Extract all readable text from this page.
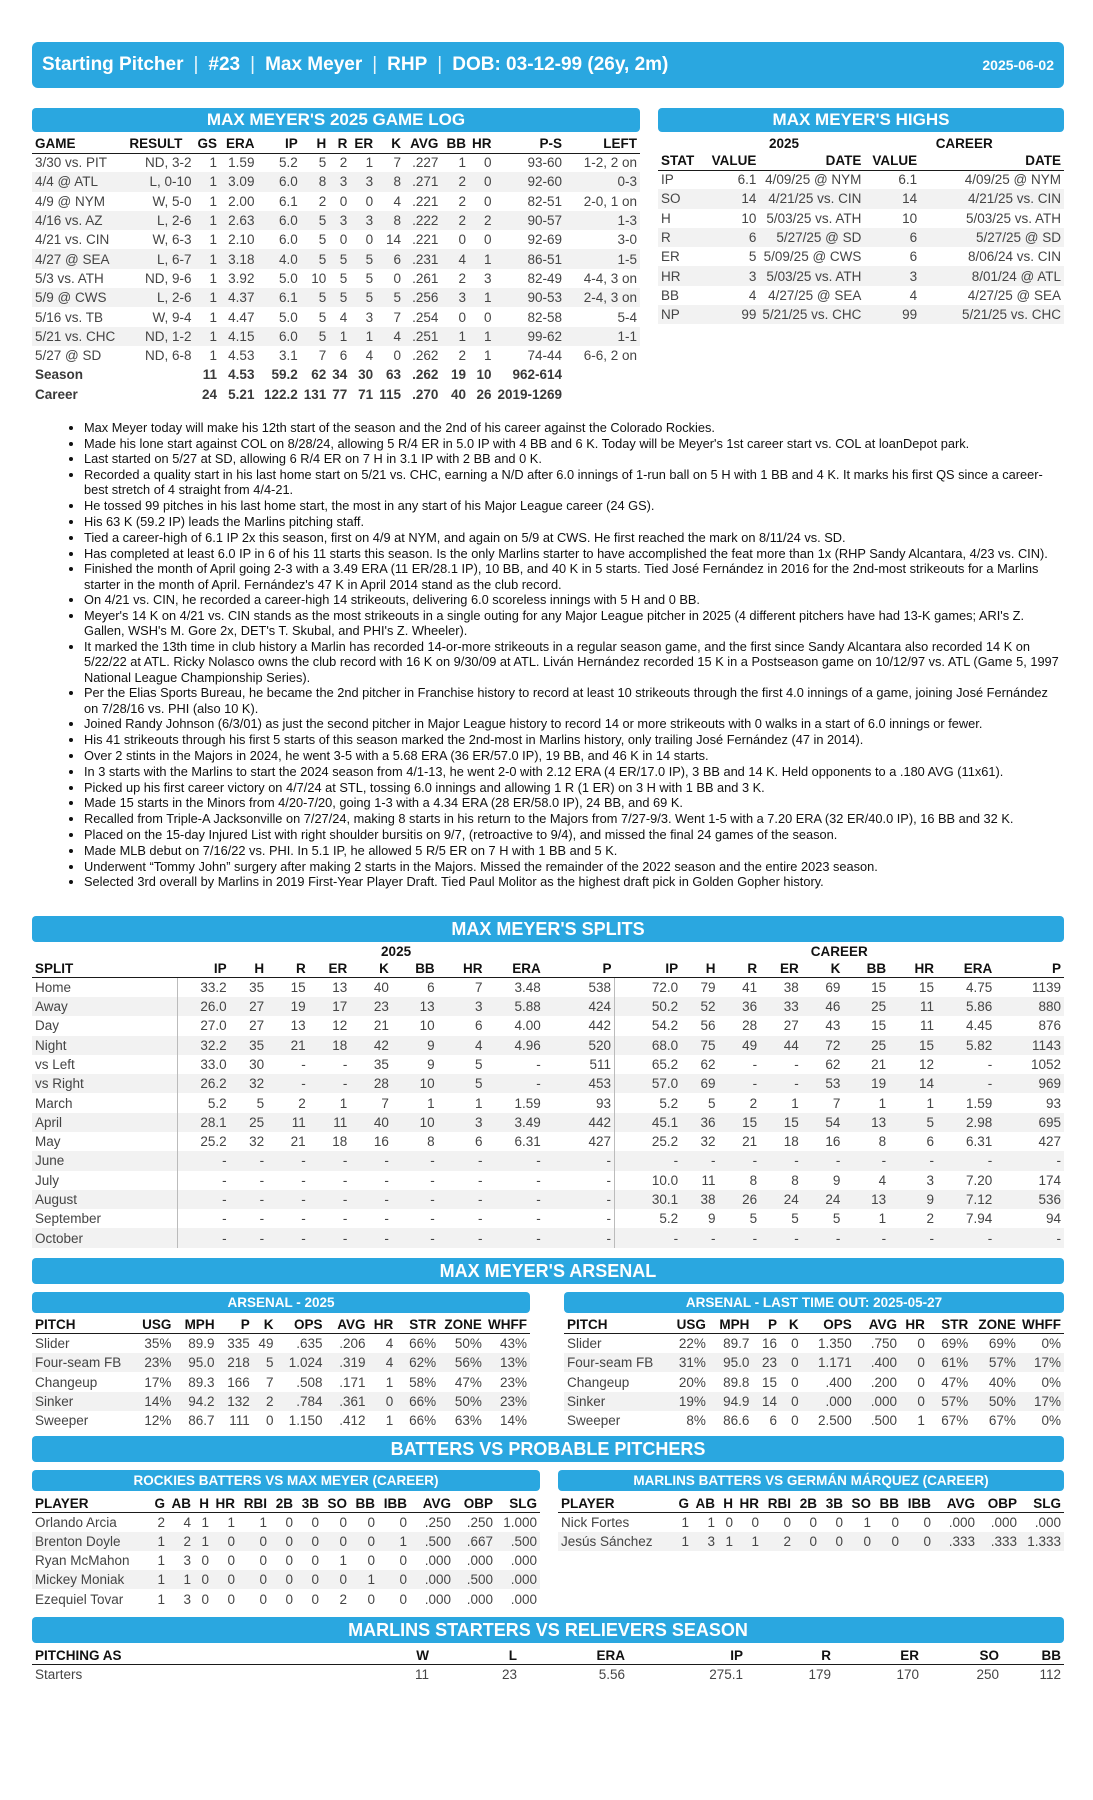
Starting Pitcher | #23 | Max Meyer | RHP | DOB: 03-12-99 (26y, 2m)	2025-06-02
MAX MEYER'S 2025 GAME LOG
GAME	RESULT	GS	ERA	IP	H	R	ER	K	AVG	BB	HR	P-S	LEFT
3/30 vs. PIT	ND, 3-2	1	1.59	5.2	5	2	1	7	.227	1	0	93-60	1-2, 2 on
4/4 @ ATL	L, 0-10	1	3.09	6.0	8	3	3	8	.271	2	0	92-60	0-3
4/9 @ NYM	W, 5-0	1	2.00	6.1	2	0	0	4	.221	2	0	82-51	2-0, 1 on
4/16 vs. AZ	L, 2-6	1	2.63	6.0	5	3	3	8	.222	2	2	90-57	1-3
4/21 vs. CIN	W, 6-3	1	2.10	6.0	5	0	0	14	.221	0	0	92-69	3-0
4/27 @ SEA	L, 6-7	1	3.18	4.0	5	5	5	6	.231	4	1	86-51	1-5
5/3 vs. ATH	ND, 9-6	1	3.92	5.0	10	5	5	0	.261	2	3	82-49	4-4, 3 on
5/9 @ CWS	L, 2-6	1	4.37	6.1	5	5	5	5	.256	3	1	90-53	2-4, 3 on
5/16 vs. TB	W, 9-4	1	4.47	5.0	5	4	3	7	.254	0	0	82-58	5-4
5/21 vs. CHC	ND, 1-2	1	4.15	6.0	5	1	1	4	.251	1	1	99-62	1-1
5/27 @ SD	ND, 6-8	1	4.53	3.1	7	6	4	0	.262	2	1	74-44	6-6, 2 on
Season		11	4.53	59.2	62	34	30	63	.262	19	10	962-614	
Career		24	5.21	122.2	131	77	71	115	.270	40	26	2019-1269	
MAX MEYER'S HIGHS
	2025		CAREER	
STAT	VALUE	DATE	VALUE	DATE
IP	6.1	4/09/25 @ NYM	6.1	4/09/25 @ NYM
SO	14	4/21/25 vs. CIN	14	4/21/25 vs. CIN
H	10	5/03/25 vs. ATH	10	5/03/25 vs. ATH
R	6	5/27/25 @ SD	6	5/27/25 @ SD
ER	5	5/09/25 @ CWS	6	8/06/24 vs. CIN
HR	3	5/03/25 vs. ATH	3	8/01/24 @ ATL
BB	4	4/27/25 @ SEA	4	4/27/25 @ SEA
NP	99	5/21/25 vs. CHC	99	5/21/25 vs. CHC
• Max Meyer today will make his 12th start of the season and the 2nd of his career against the Colorado Rockies.
• Made his lone start against COL on 8/28/24, allowing 5 R/4 ER in 5.0 IP with 4 BB and 6 K. Today will be Meyer's 1st career start vs. COL at loanDepot park.
• Last started on 5/27 at SD, allowing 6 R/4 ER on 7 H in 3.1 IP with 2 BB and 0 K.
• Recorded a quality start in his last home start on 5/21 vs. CHC, earning a N/D after 6.0 innings of 1-run ball on 5 H with 1 BB and 4 K. It marks his first QS since a career-best stretch of 4 straight from 4/4-21.
• He tossed 99 pitches in his last home start, the most in any start of his Major League career (24 GS).
• His 63 K (59.2 IP) leads the Marlins pitching staff.
• Tied a career-high of 6.1 IP 2x this season, first on 4/9 at NYM, and again on 5/9 at CWS. He first reached the mark on 8/11/24 vs. SD.
• Has completed at least 6.0 IP in 6 of his 11 starts this season. Is the only Marlins starter to have accomplished the feat more than 1x (RHP Sandy Alcantara, 4/23 vs. CIN).
• Finished the month of April going 2-3 with a 3.49 ERA (11 ER/28.1 IP), 10 BB, and 40 K in 5 starts. Tied José Fernández in 2016 for the 2nd-most strikeouts for a Marlins starter in the month of April. Fernández's 47 K in April 2014 stand as the club record.
• On 4/21 vs. CIN, he recorded a career-high 14 strikeouts, delivering 6.0 scoreless innings with 5 H and 0 BB.
• Meyer's 14 K on 4/21 vs. CIN stands as the most strikeouts in a single outing for any Major League pitcher in 2025 (4 different pitchers have had 13-K games; ARI's Z. Gallen, WSH's M. Gore 2x, DET's T. Skubal, and PHI's Z. Wheeler).
• It marked the 13th time in club history a Marlin has recorded 14-or-more strikeouts in a regular season game, and the first since Sandy Alcantara also recorded 14 K on 5/22/22 at ATL. Ricky Nolasco owns the club record with 16 K on 9/30/09 at ATL. Liván Hernández recorded 15 K in a Postseason game on 10/12/97 vs. ATL (Game 5, 1997 National League Championship Series).
• Per the Elias Sports Bureau, he became the 2nd pitcher in Franchise history to record at least 10 strikeouts through the first 4.0 innings of a game, joining José Fernández on 7/28/16 vs. PHI (also 10 K).
• Joined Randy Johnson (6/3/01) as just the second pitcher in Major League history to record 14 or more strikeouts with 0 walks in a start of 6.0 innings or fewer.
• His 41 strikeouts through his first 5 starts of this season marked the 2nd-most in Marlins history, only trailing José Fernández (47 in 2014).
• Over 2 stints in the Majors in 2024, he went 3-5 with a 5.68 ERA (36 ER/57.0 IP), 19 BB, and 46 K in 14 starts.
• In 3 starts with the Marlins to start the 2024 season from 4/1-13, he went 2-0 with 2.12 ERA (4 ER/17.0 IP), 3 BB and 14 K. Held opponents to a .180 AVG (11x61).
• Picked up his first career victory on 4/7/24 at STL, tossing 6.0 innings and allowing 1 R (1 ER) on 3 H with 1 BB and 3 K.
• Made 15 starts in the Minors from 4/20-7/20, going 1-3 with a 4.34 ERA (28 ER/58.0 IP), 24 BB, and 69 K.
• Recalled from Triple-A Jacksonville on 7/27/24, making 8 starts in his return to the Majors from 7/27-9/3. Went 1-5 with a 7.20 ERA (32 ER/40.0 IP), 16 BB and 32 K.
• Placed on the 15-day Injured List with right shoulder bursitis on 9/7, (retroactive to 9/4), and missed the final 24 games of the season.
• Made MLB debut on 7/16/22 vs. PHI. In 5.1 IP, he allowed 5 R/5 ER on 7 H with 1 BB and 5 K.
• Underwent “Tommy John” surgery after making 2 starts in the Majors. Missed the remainder of the 2022 season and the entire 2023 season.
• Selected 3rd overall by Marlins in 2019 First-Year Player Draft. Tied Paul Molitor as the highest draft pick in Golden Gopher history.
MAX MEYER'S SPLITS
	2025									CAREER								
SPLIT	IP	H	R	ER	K	BB	HR	ERA	P	IP	H	R	ER	K	BB	HR	ERA	P
Home	33.2	35	15	13	40	6	7	3.48	538	72.0	79	41	38	69	15	15	4.75	1139
Away	26.0	27	19	17	23	13	3	5.88	424	50.2	52	36	33	46	25	11	5.86	880
Day	27.0	27	13	12	21	10	6	4.00	442	54.2	56	28	27	43	15	11	4.45	876
Night	32.2	35	21	18	42	9	4	4.96	520	68.0	75	49	44	72	25	15	5.82	1143
vs Left	33.0	30	-	-	35	9	5	-	511	65.2	62	-	-	62	21	12	-	1052
vs Right	26.2	32	-	-	28	10	5	-	453	57.0	69	-	-	53	19	14	-	969
March	5.2	5	2	1	7	1	1	1.59	93	5.2	5	2	1	7	1	1	1.59	93
April	28.1	25	11	11	40	10	3	3.49	442	45.1	36	15	15	54	13	5	2.98	695
May	25.2	32	21	18	16	8	6	6.31	427	25.2	32	21	18	16	8	6	6.31	427
June	-	-	-	-	-	-	-	-	-	-	-	-	-	-	-	-	-	-
July	-	-	-	-	-	-	-	-	-	10.0	11	8	8	9	4	3	7.20	174
August	-	-	-	-	-	-	-	-	-	30.1	38	26	24	24	13	9	7.12	536
September	-	-	-	-	-	-	-	-	-	5.2	9	5	5	5	1	2	7.94	94
October	-	-	-	-	-	-	-	-	-	-	-	-	-	-	-	-	-	-
MAX MEYER'S ARSENAL
ARSENAL - 2025
PITCH	USG	MPH	P	K	OPS	AVG	HR	STR	ZONE	WHFF
Slider	35%	89.9	335	49	.635	.206	4	66%	50%	43%
Four-seam FB	23%	95.0	218	5	1.024	.319	4	62%	56%	13%
Changeup	17%	89.3	166	7	.508	.171	1	58%	47%	23%
Sinker	14%	94.2	132	2	.784	.361	0	66%	50%	23%
Sweeper	12%	86.7	111	0	1.150	.412	1	66%	63%	14%
ARSENAL - LAST TIME OUT: 2025-05-27
PITCH	USG	MPH	P	K	OPS	AVG	HR	STR	ZONE	WHFF
Slider	22%	89.7	16	0	1.350	.750	0	69%	69%	0%
Four-seam FB	31%	95.0	23	0	1.171	.400	0	61%	57%	17%
Changeup	20%	89.8	15	0	.400	.200	0	47%	40%	0%
Sinker	19%	94.9	14	0	.000	.000	0	57%	50%	17%
Sweeper	8%	86.6	6	0	2.500	.500	1	67%	67%	0%
BATTERS VS PROBABLE PITCHERS
ROCKIES BATTERS VS MAX MEYER (CAREER)
PLAYER	G	AB	H	HR	RBI	2B	3B	SO	BB	IBB	AVG	OBP	SLG
Orlando Arcia	2	4	1	1	1	0	0	0	0	0	.250	.250	1.000
Brenton Doyle	1	2	1	0	0	0	0	0	0	1	.500	.667	.500
Ryan McMahon	1	3	0	0	0	0	0	1	0	0	.000	.000	.000
Mickey Moniak	1	1	0	0	0	0	0	0	1	0	.000	.500	.000
Ezequiel Tovar	1	3	0	0	0	0	0	2	0	0	.000	.000	.000
MARLINS BATTERS VS GERMÁN MÁRQUEZ (CAREER)
PLAYER	G	AB	H	HR	RBI	2B	3B	SO	BB	IBB	AVG	OBP	SLG
Nick Fortes	1	1	0	0	0	0	0	1	0	0	.000	.000	.000
Jesús Sánchez	1	3	1	1	2	0	0	0	0	0	.333	.333	1.333
MARLINS STARTERS VS RELIEVERS SEASON
PITCHING AS	W	L	ERA	IP	R	ER	SO	BB
Starters	11	23	5.56	275.1	179	170	250	112
